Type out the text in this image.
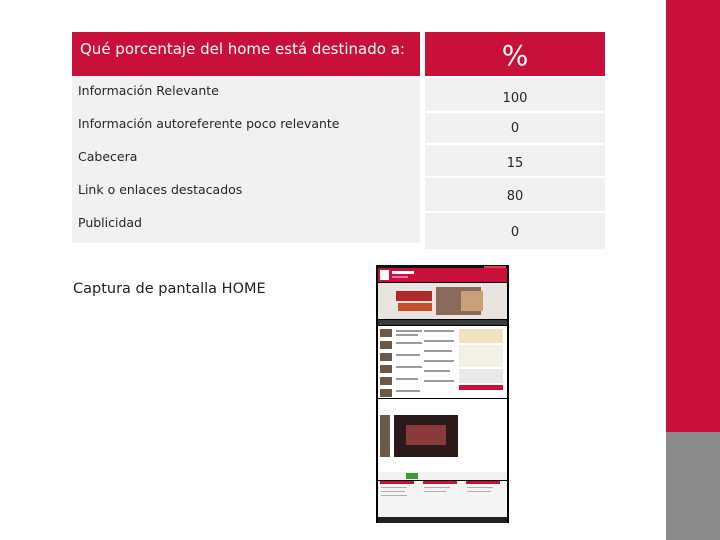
Qué porcentaje del home está destinado a:
Información Relevante
Información autoreferente poco relevante
Cabecera
Link o enlaces destacados
Publicidad
%
100
0
15
80
0
Captura de pantalla HOME
